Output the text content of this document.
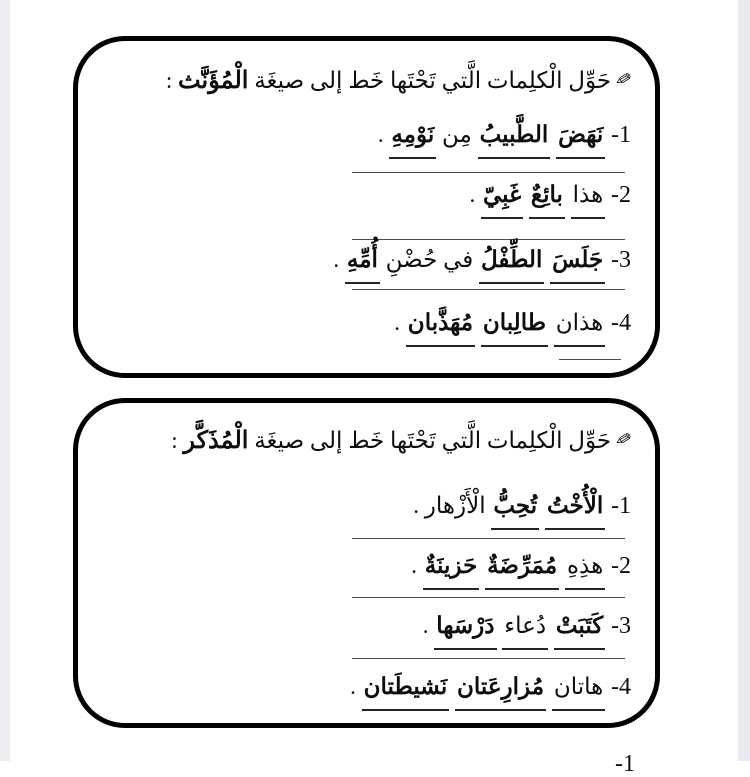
✎حَوِّل الْكلِمات الَّتي تَحْتَها خَط إلى صيغَة الْمُؤَنَّث :
1- نَهَضَ الطَّبيبُ مِن نَوْمِهِ .
2- هذا بائِعٌ غَبِيّ .
3- جَلَسَ الطِّفْلُ في حُضْنِ أُمِّهِ .
4- هذان طالِبان مُهَذَّبان .
✎حَوِّل الْكلِمات الَّتي تَحْتَها خَط إلى صيغَة الْمُذَكَّر :
1- الْأُخْتُ تُحِبُّ الْأَزْهار .
2- هذِهِ مُمَرِّضَةٌ حَزينَةٌ .
3- كَتَبَتْ دُعاء دَرْسَها .
4- هاتان مُزارِعَتان نَشيطَتان .
1-
